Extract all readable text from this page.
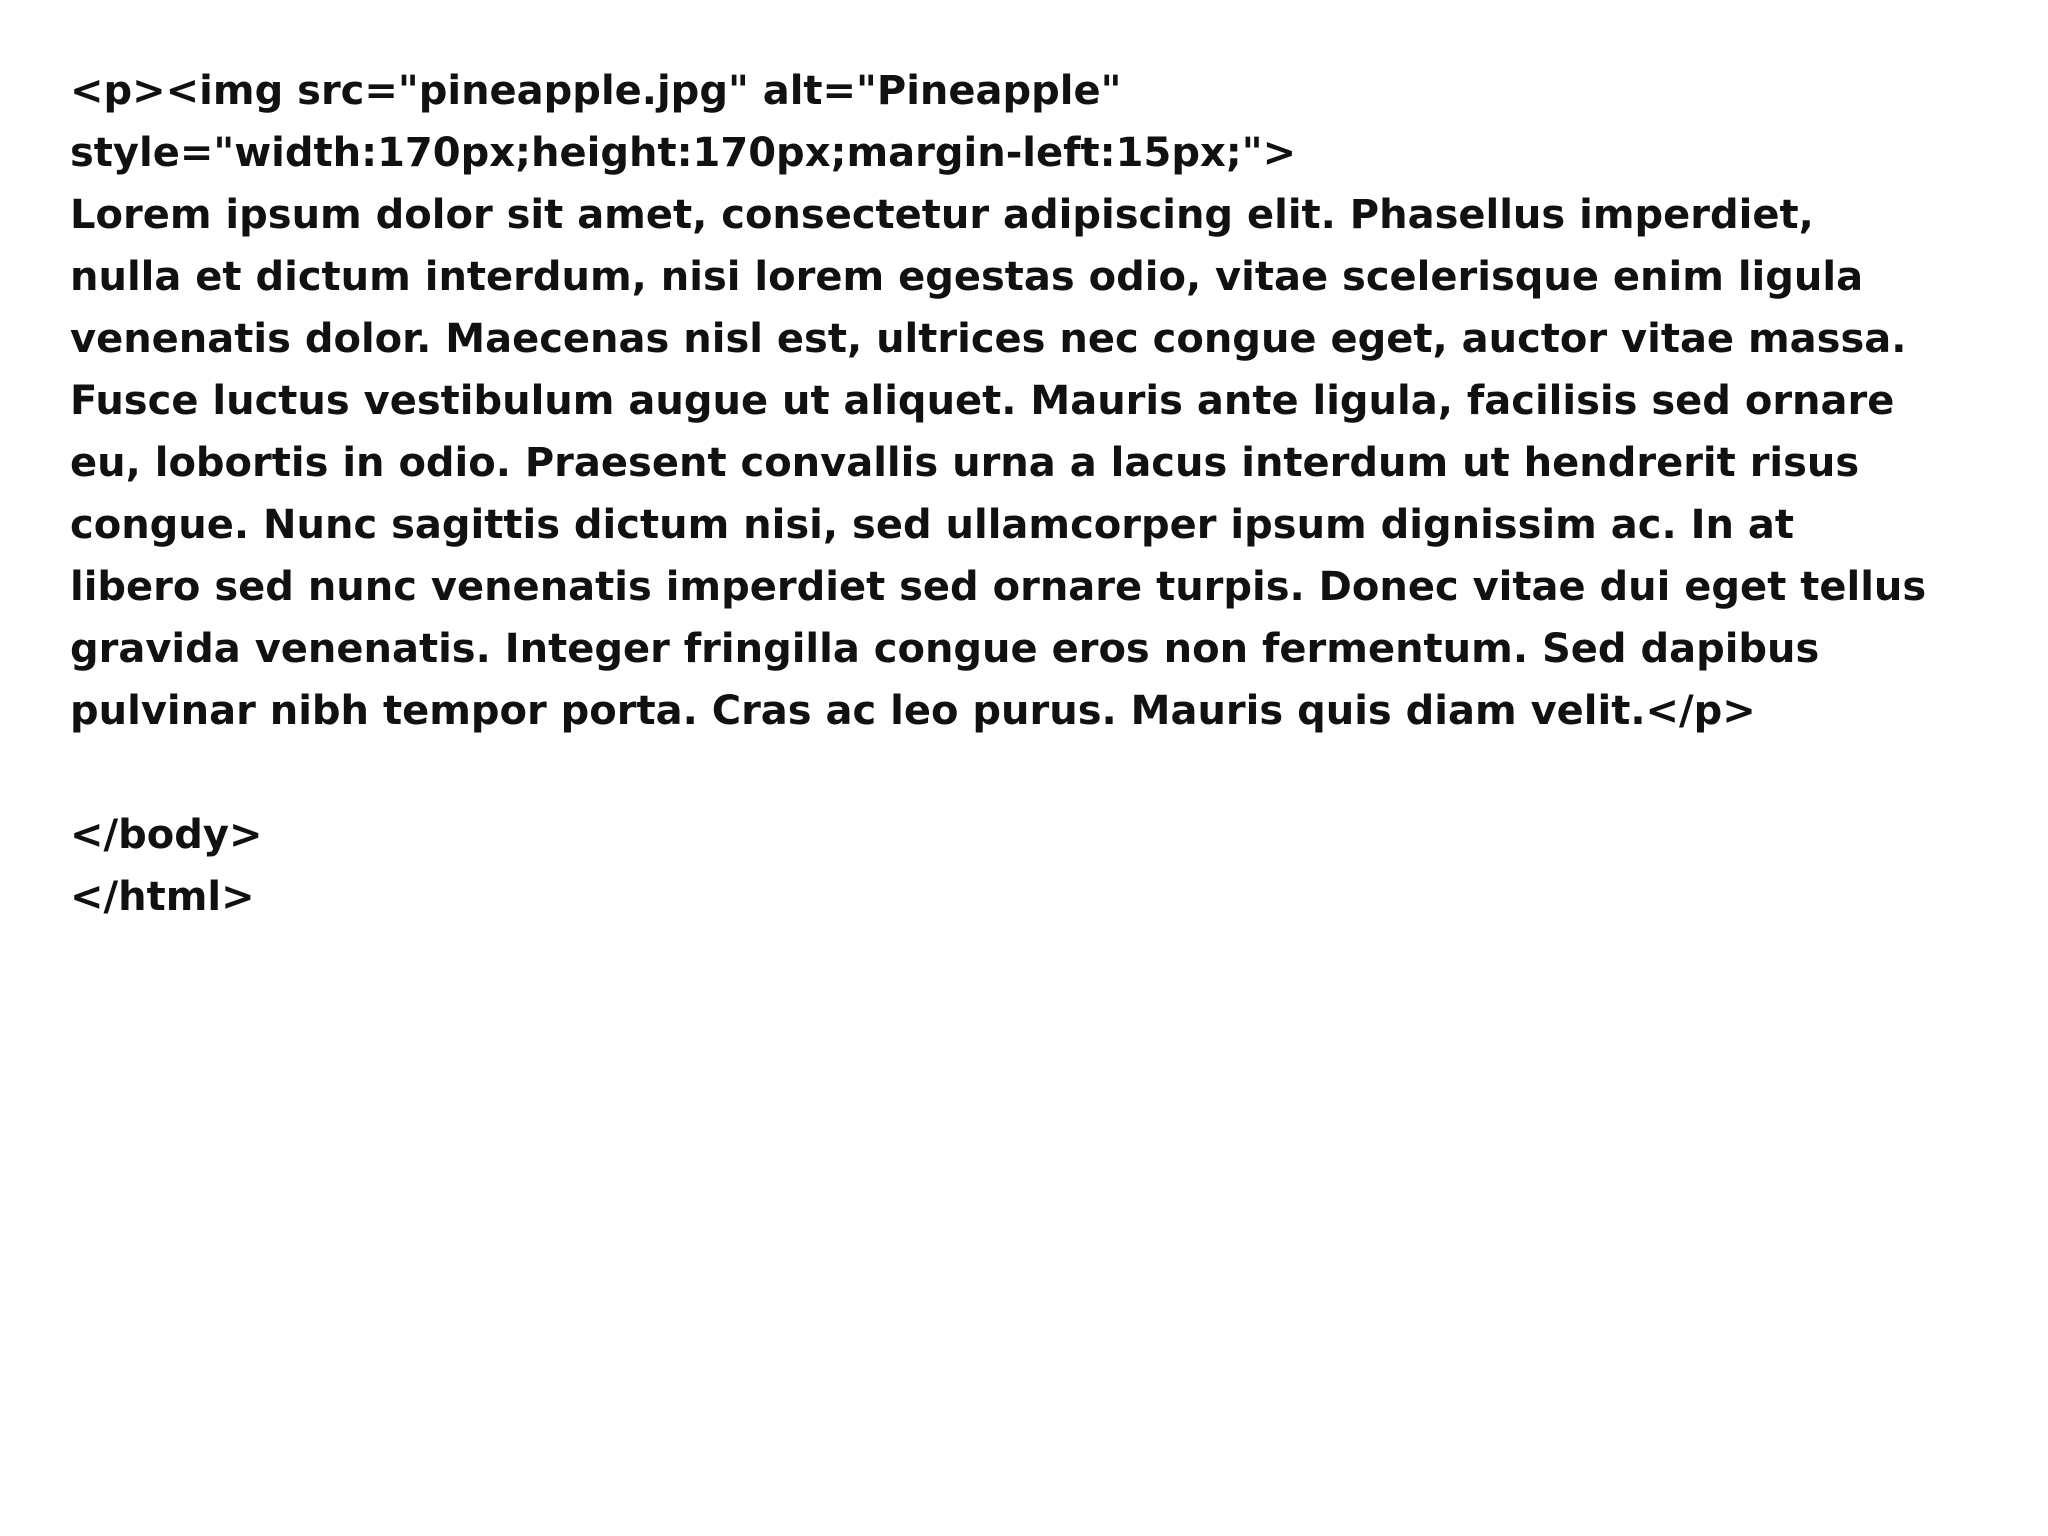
<p><img src="pineapple.jpg" alt="Pineapple"
style="width:170px;height:170px;margin-left:15px;">
Lorem ipsum dolor sit amet, consectetur adipiscing elit. Phasellus imperdiet,
nulla et dictum interdum, nisi lorem egestas odio, vitae scelerisque enim ligula
venenatis dolor. Maecenas nisl est, ultrices nec congue eget, auctor vitae massa.
Fusce luctus vestibulum augue ut aliquet. Mauris ante ligula, facilisis sed ornare
eu, lobortis in odio. Praesent convallis urna a lacus interdum ut hendrerit risus
congue. Nunc sagittis dictum nisi, sed ullamcorper ipsum dignissim ac. In at
libero sed nunc venenatis imperdiet sed ornare turpis. Donec vitae dui eget tellus
gravida venenatis. Integer fringilla congue eros non fermentum. Sed dapibus
pulvinar nibh tempor porta. Cras ac leo purus. Mauris quis diam velit.</p>
</body>
</html>
